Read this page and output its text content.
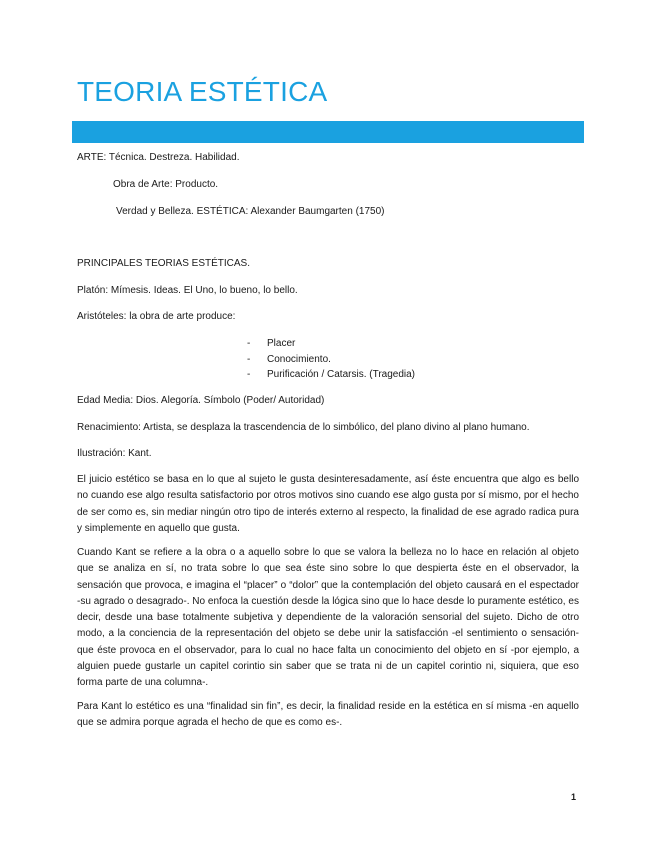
TEORIA ESTÉTICA

ARTE: Técnica. Destreza. Habilidad.

Obra de Arte: Producto.

Verdad y Belleza. ESTÉTICA: Alexander Baumgarten (1750)

PRINCIPALES TEORIAS ESTÉTICAS.

Platón: Mímesis. Ideas. El Uno, lo bueno, lo bello.

Aristóteles: la obra de arte produce:

- Placer
- Conocimiento.
- Purificación / Catarsis. (Tragedia)

Edad Media: Dios. Alegoría. Símbolo (Poder/ Autoridad)

Renacimiento: Artista, se desplaza la trascendencia de lo simbólico, del plano divino al plano humano.

Ilustración: Kant.

El juicio estético se basa en lo que al sujeto le gusta desinteresadamente, así éste encuentra que algo es bello no cuando ese algo resulta satisfactorio por otros motivos sino cuando ese algo gusta por sí mismo, por el hecho de ser como es, sin mediar ningún otro tipo de interés externo al respecto, la finalidad de ese agrado radica pura y simplemente en aquello que gusta.

Cuando Kant se refiere a la obra o a aquello sobre lo que se valora la belleza no lo hace en relación al objeto que se analiza en sí, no trata sobre lo que sea éste sino sobre lo que despierta éste en el observador, la sensación que provoca, e imagina el “placer” o “dolor” que la contemplación del objeto causará en el espectador -su agrado o desagrado-. No enfoca la cuestión desde la lógica sino que lo hace desde lo puramente estético, es decir, desde una base totalmente subjetiva y dependiente de la valoración sensorial del sujeto. Dicho de otro modo, a la conciencia de la representación del objeto se debe unir la satisfacción -el sentimiento o sensación- que éste provoca en el observador, para lo cual no hace falta un conocimiento del objeto en sí -por ejemplo, a alguien puede gustarle un capitel corintio sin saber que se trata ni de un capitel corintio ni, siquiera, que eso forma parte de una columna-.

Para Kant lo estético es una “finalidad sin fin”, es decir, la finalidad reside en la estética en sí misma -en aquello que se admira porque agrada el hecho de que es como es-.

1
